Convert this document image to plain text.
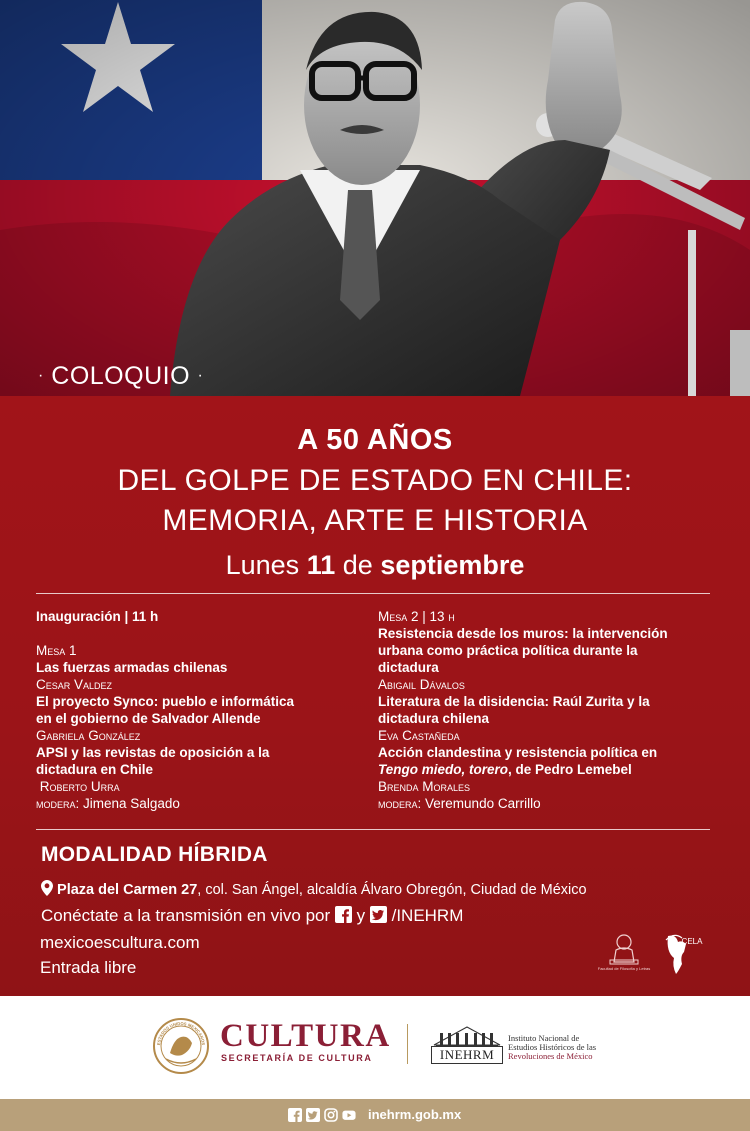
· COLOQUIO ·
A 50 AÑOS
DEL GOLPE DE ESTADO EN CHILE:
MEMORIA, ARTE E HISTORIA
Lunes 11 de septiembre
Inauguración | 11 h
Mesa 1
Las fuerzas armadas chilenas
Cesar Valdez
El proyecto Synco: pueblo e informática
en el gobierno de Salvador Allende
Gabriela González
APSI y las revistas de oposición a la
dictadura en Chile
Roberto Urra
modera: Jimena Salgado
Mesa 2 | 13 h
Resistencia desde los muros: la intervención
urbana como práctica política durante la
dictadura
Abigail Dávalos
Literatura de la disidencia: Raúl Zurita y la
dictadura chilena
Eva Castañeda
Acción clandestina y resistencia política en
Tengo miedo, torero, de Pedro Lemebel
Brenda Morales
modera: Veremundo Carrillo
MODALIDAD HÍBRIDA
Plaza del Carmen 27, col. San Ángel, alcaldía Álvaro Obregón, Ciudad de México
Conéctate a la transmisión en vivo por y /INEHRM
mexicoescultura.com
Entrada libre	Facultad de Filosofía y Letras
CELA
ESTADOS UNIDOS MEXICANOS CULTURA
SECRETARÍA DE CULTURA	INEHRM
Instituto Nacional de
Estudios Históricos de las
Revoluciones de México
inehrm.gob.mx
